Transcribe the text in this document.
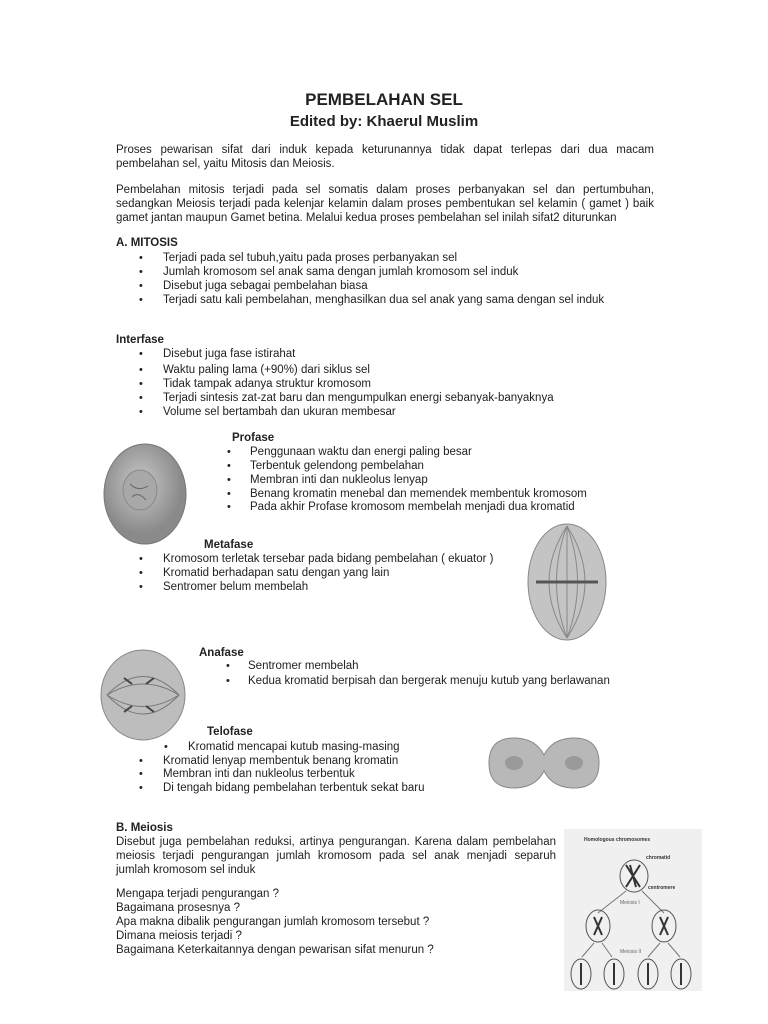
PEMBELAHAN SEL
Edited by: Khaerul Muslim
Proses pewarisan sifat dari induk kepada keturunannya tidak dapat terlepas dari dua macam
pembelahan sel, yaitu Mitosis dan Meiosis.
Pembelahan mitosis terjadi pada sel somatis dalam proses perbanyakan sel dan pertumbuhan,
sedangkan Meiosis terjadi pada kelenjar kelamin dalam proses pembentukan sel kelamin ( gamet ) baik
gamet jantan maupun Gamet betina. Melalui kedua proses pembelahan sel inilah sifat2 diturunkan
A. MITOSIS
• Terjadi pada sel tubuh,yaitu pada proses perbanyakan sel
• Jumlah kromosom sel anak sama dengan jumlah kromosom sel induk
• Disebut juga sebagai pembelahan biasa
• Terjadi satu kali pembelahan, menghasilkan dua sel anak yang sama dengan sel induk
Interfase
• Disebut juga fase istirahat
• Waktu paling lama (+90%) dari siklus sel
• Tidak tampak adanya struktur kromosom
• Terjadi sintesis zat-zat baru dan mengumpulkan energi sebanyak-banyaknya
• Volume sel bertambah dan ukuran membesar
Profase
• Penggunaan waktu dan energi paling besar
• Terbentuk gelendong pembelahan
• Membran inti dan nukleolus lenyap
• Benang kromatin menebal dan memendek membentuk kromosom
• Pada akhir Profase kromosom membelah menjadi dua kromatid
Metafase
• Kromosom terletak tersebar pada bidang pembelahan ( ekuator )
• Kromatid berhadapan satu dengan yang lain
• Sentromer belum membelah
Anafase
• Sentromer membelah
• Kedua kromatid berpisah dan bergerak menuju kutub yang berlawanan
Telofase
• Kromatid mencapai kutub masing-masing
• Kromatid lenyap membentuk benang kromatin
• Membran inti dan nukleolus terbentuk
• Di tengah bidang pembelahan terbentuk sekat baru
B. Meiosis
Mengapa terjadi pengurangan ?
Bagaimana prosesnya ?
Apa makna dibalik pengurangan jumlah kromosom tersebut ?
Dimana meiosis terjadi ?
Bagaimana Keterkaitannya dengan pewarisan sifat menurun ?
Disebut juga pembelahan reduksi, artinya pengurangan. Karena dalam pembelahan
meiosis terjadi pengurangan jumlah kromosom pada sel anak menjadi separuh
jumlah kromosom sel induk
Homologous chromosomes
chromatid
centromere
Meiosis I
Meiosis II
